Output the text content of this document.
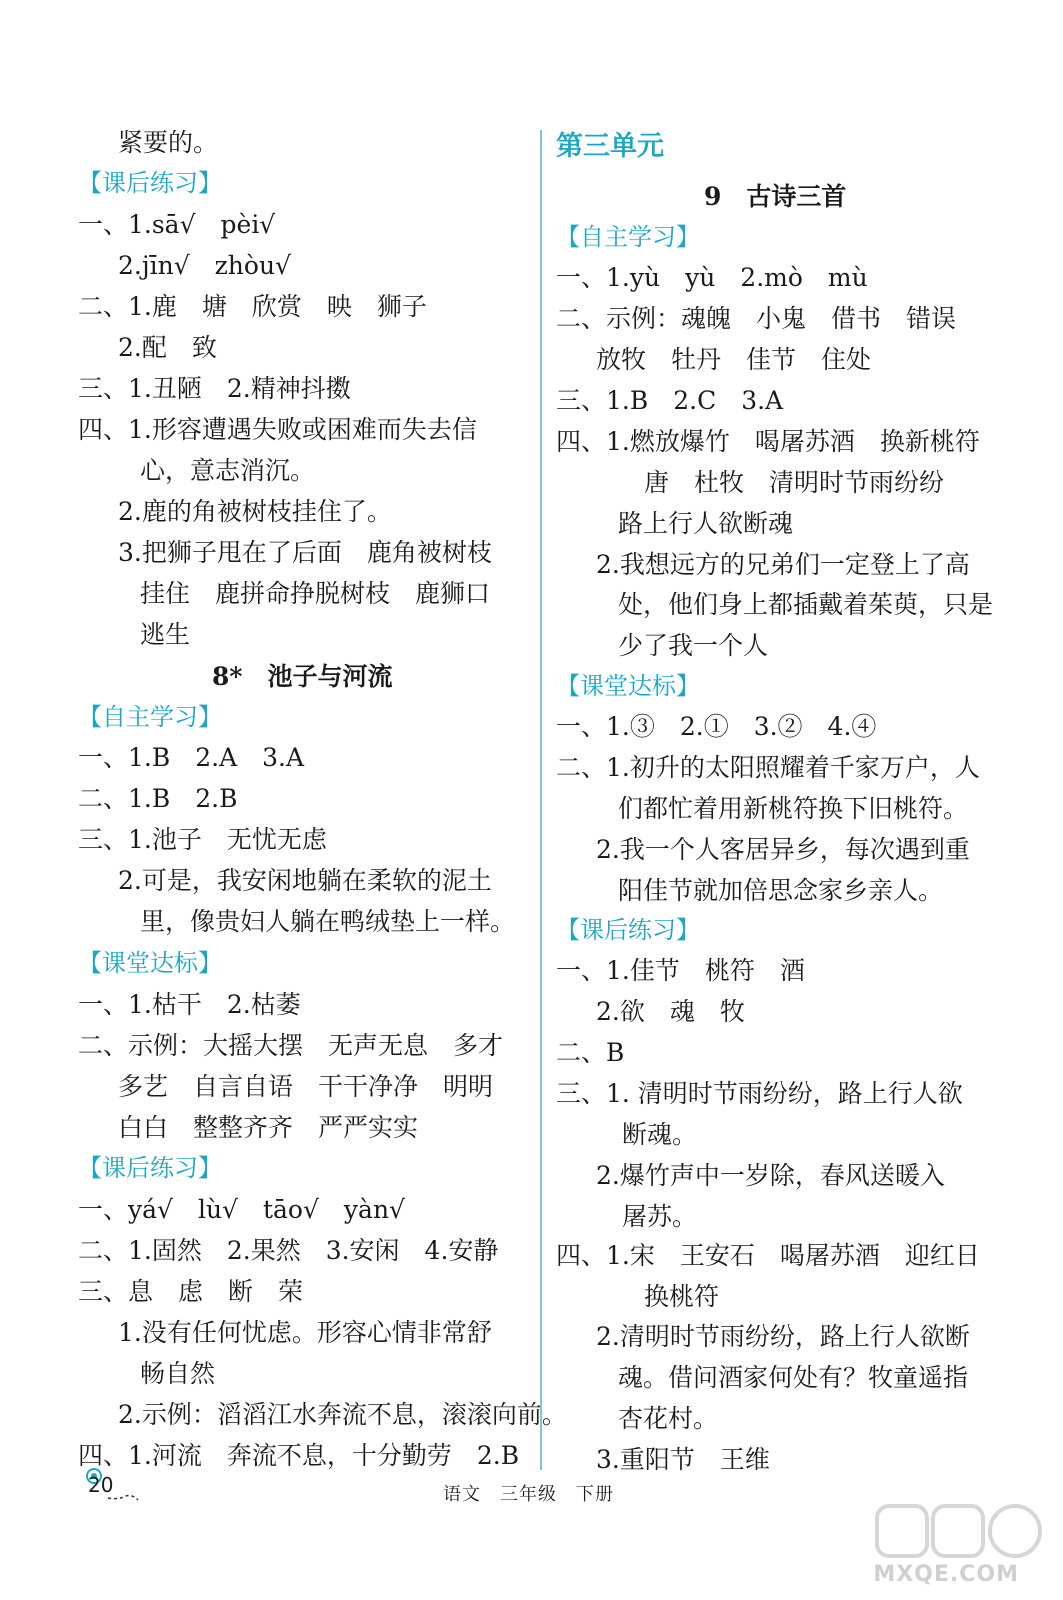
紧要的。
【课后练习】
一、1.sā√　pèi√
2.jīn√　zhòu√
二、1.鹿　塘　欣赏　映　狮子
2.配　致
三、1.丑陋　2.精神抖擞
四、1.形容遭遇失败或困难而失去信
心，意志消沉。
2.鹿的角被树枝挂住了。
3.把狮子甩在了后面　鹿角被树枝
挂住　鹿拼命挣脱树枝　鹿狮口
逃生
8*　池子与河流
【自主学习】
一、1.B　2.A　3.A
二、1.B　2.B
三、1.池子　无忧无虑
2.可是，我安闲地躺在柔软的泥土
里，像贵妇人躺在鸭绒垫上一样。
【课堂达标】
一、1.枯干　2.枯萎
二、示例：大摇大摆　无声无息　多才
多艺　自言自语　干干净净　明明
白白　整整齐齐　严严实实
【课后练习】
一、yá√　lù√　tāo√　yàn√
二、1.固然　2.果然　3.安闲　4.安静
三、息　虑　断　荣
1.没有任何忧虑。形容心情非常舒
畅自然
2.示例：滔滔江水奔流不息，滚滚向前。
四、1.河流　奔流不息，十分勤劳　2.B
第三单元
9　古诗三首
【自主学习】
一、1.yù　yù　2.mò　mù
二、示例：魂魄　小鬼　借书　错误
放牧　牡丹　佳节　住处
三、1.B　2.C　3.A
四、1.燃放爆竹　喝屠苏酒　换新桃符
唐　杜牧　清明时节雨纷纷
路上行人欲断魂
2.我想远方的兄弟们一定登上了高
处，他们身上都插戴着茱萸，只是
少了我一个人
【课堂达标】
一、1.③　2.①　3.②　4.④
二、1.初升的太阳照耀着千家万户，人
们都忙着用新桃符换下旧桃符。
2.我一个人客居异乡，每次遇到重
阳佳节就加倍思念家乡亲人。
【课后练习】
一、1.佳节　桃符　酒
2.欲　魂　牧
二、B
三、1. 清明时节雨纷纷，路上行人欲
断魂。
2.爆竹声中一岁除，春风送暖入
屠苏。
四、1.宋　王安石　喝屠苏酒　迎红日
换桃符
2.清明时节雨纷纷，路上行人欲断
魂。借问酒家何处有？牧童遥指
杏花村。
3.重阳节　王维
20	语文　三年级　下册
MXQE.COM
